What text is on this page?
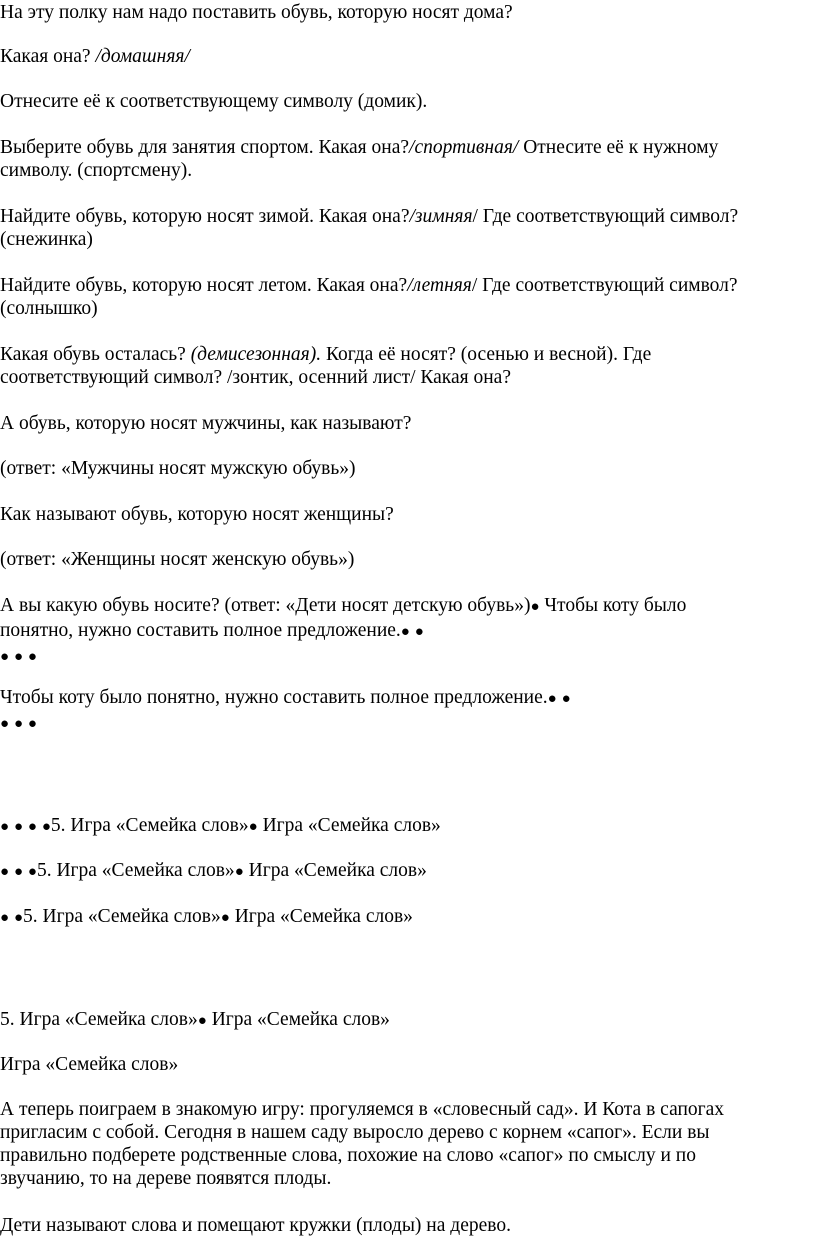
На эту полку нам надо поставить обувь, которую носят дома?

Какая она? /домашняя/

Отнесите её к соответствующему символу (домик).

Выберите обувь для занятия спортом. Какая она?/спортивная/ Отнесите её к нужному
символу. (спортсмену).

Найдите обувь, которую носят зимой. Какая она?/зимняя/ Где соответствующий символ?
(снежинка)

Найдите обувь, которую носят летом. Какая она?/летняя/ Где соответствующий символ?
(солнышко)

Какая обувь осталась? (демисезонная). Когда её носят? (осенью и весной). Где
соответствующий символ? /зонтик, осенний лист/ Какая она?

А обувь, которую носят мужчины, как называют?

(ответ: «Мужчины носят мужскую обувь»)

Как называют обувь, которую носят женщины?

(ответ: «Женщины носят женскую обувь»)

А вы какую обувь носите? (ответ: «Дети носят детскую обувь»)● Чтобы коту было
понятно, нужно составить полное предложение.● ●
● ● ●

Чтобы коту было понятно, нужно составить полное предложение.● ●
● ● ●

● ● ● ●5. Игра «Семейка слов»● Игра «Семейка слов»

● ● ●5. Игра «Семейка слов»● Игра «Семейка слов»

● ●5. Игра «Семейка слов»● Игра «Семейка слов»

5. Игра «Семейка слов»● Игра «Семейка слов»

Игра «Семейка слов»

А теперь поиграем в знакомую игру: прогуляемся в «словесный сад». И Кота в сапогах
пригласим с собой. Сегодня в нашем саду выросло дерево с корнем «сапог». Если вы
правильно подберете родственные слова, похожие на слово «сапог» по смыслу и по
звучанию, то на дереве появятся плоды.

Дети называют слова и помещают кружки (плоды) на дерево.
